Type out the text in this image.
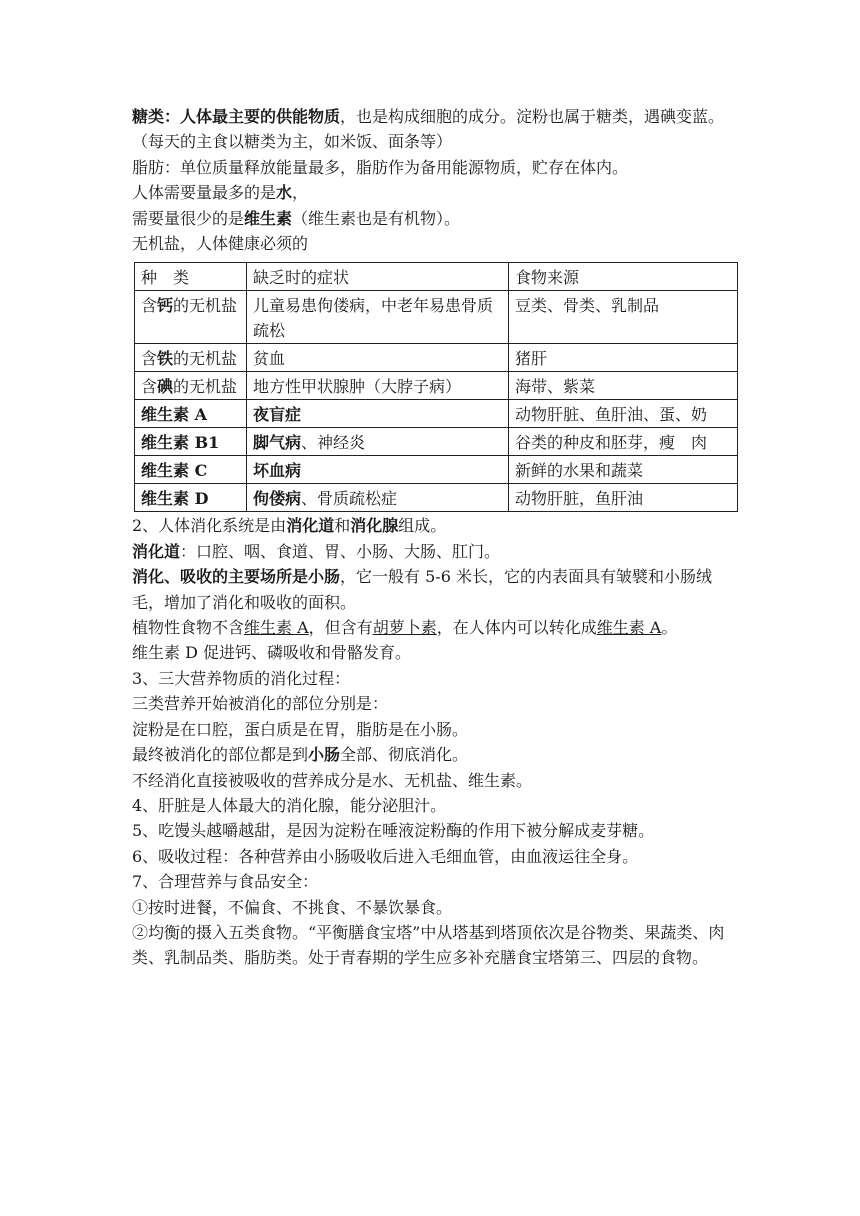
糖类：人体最主要的供能物质，也是构成细胞的成分。淀粉也属于糖类，遇碘变蓝。（每天的主食以糖类为主，如米饭、面条等）

脂肪：单位质量释放能量最多，脂肪作为备用能源物质，贮存在体内。

人体需要量最多的是水，

需要量很少的是维生素（维生素也是有机物）。

无机盐，人体健康必须的

种　类	缺乏时的症状	食物来源
含钙的无机盐	儿童易患佝偻病，中老年易患骨质疏松	豆类、骨类、乳制品
含铁的无机盐	贫血	猪肝
含碘的无机盐	地方性甲状腺肿（大脖子病）	海带、紫菜
维生素 A	夜盲症	动物肝脏、鱼肝油、蛋、奶
维生素 B1	脚气病、神经炎	谷类的种皮和胚芽，瘦　肉
维生素 C	坏血病	新鲜的水果和蔬菜
维生素 D	佝偻病、骨质疏松症	动物肝脏，鱼肝油

2、人体消化系统是由消化道和消化腺组成。

消化道：口腔、咽、食道、胃、小肠、大肠、肛门。

消化、吸收的主要场所是小肠，它一般有 5-6 米长，它的内表面具有皱襞和小肠绒毛，增加了消化和吸收的面积。

植物性食物不含维生素 A，但含有胡萝卜素，在人体内可以转化成维生素 A。

维生素 D 促进钙、磷吸收和骨骼发育。

3、三大营养物质的消化过程：

三类营养开始被消化的部位分别是：

淀粉是在口腔，蛋白质是在胃，脂肪是在小肠。

最终被消化的部位都是到小肠全部、彻底消化。

不经消化直接被吸收的营养成分是水、无机盐、维生素。

4、肝脏是人体最大的消化腺，能分泌胆汁。

5、吃馒头越嚼越甜，是因为淀粉在唾液淀粉酶的作用下被分解成麦芽糖。

6、吸收过程：各种营养由小肠吸收后进入毛细血管，由血液运往全身。

7、合理营养与食品安全：

①按时进餐，不偏食、不挑食、不暴饮暴食。

②均衡的摄入五类食物。“平衡膳食宝塔”中从塔基到塔顶依次是谷物类、果蔬类、肉类、乳制品类、脂肪类。处于青春期的学生应多补充膳食宝塔第三、四层的食物。
